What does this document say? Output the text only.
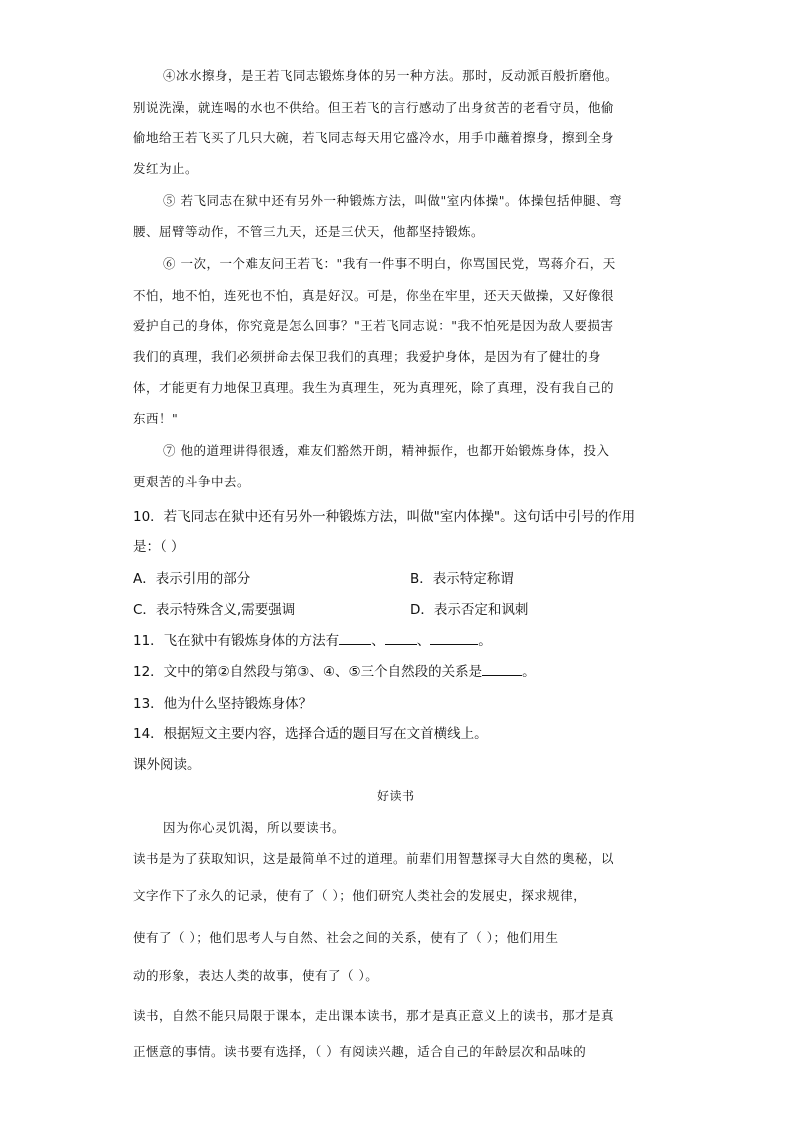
④冰水擦身，是王若飞同志锻炼身体的另一种方法。那时，反动派百般折磨他。
别说洗澡，就连喝的水也不供给。但王若飞的言行感动了出身贫苦的老看守员，他偷
偷地给王若飞买了几只大碗，若飞同志每天用它盛冷水，用手巾蘸着擦身，擦到全身
发红为止。
⑤ 若飞同志在狱中还有另外一种锻炼方法，叫做"室内体操"。体操包括伸腿、弯
腰、屈臂等动作，不管三九天，还是三伏天，他都坚持锻炼。
⑥ 一次，一个难友问王若飞："我有一件事不明白，你骂国民党，骂蒋介石，天
不怕，地不怕，连死也不怕，真是好汉。可是，你坐在牢里，还天天做操，又好像很
爱护自己的身体，你究竟是怎么回事？"王若飞同志说："我不怕死是因为敌人要损害
我们的真理，我们必须拼命去保卫我们的真理；我爱护身体，是因为有了健壮的身
体，才能更有力地保卫真理。我生为真理生，死为真理死，除了真理，没有我自己的
东西！"
⑦ 他的道理讲得很透，难友们豁然开朗，精神振作，也都开始锻炼身体，投入
更艰苦的斗争中去。
10．若飞同志在狱中还有另外一种锻炼方法，叫做"室内体操"。这句话中引号的作用
是：（ ）
A．表示引用的部分	B．表示特定称谓
C．表示特殊含义,需要强调	D．表示否定和讽刺
11．飞在狱中有锻炼身体的方法有 、 、	。
12．文中的第②自然段与第③、④、⑤三个自然段的关系是	。
13．他为什么坚持锻炼身体？
14．根据短文主要内容，选择合适的题目写在文首横线上。
课外阅读。
好读书
因为你心灵饥渴，所以要读书。
读书是为了获取知识，这是最简单不过的道理。前辈们用智慧探寻大自然的奥秘，以
文字作下了永久的记录，使有了（ ）；他们研究人类社会的发展史，探求规律，
使有了（ ）；他们思考人与自然、社会之间的关系，使有了（ ）；他们用生
动的形象，表达人类的故事，使有了（ ）。
读书，自然不能只局限于课本，走出课本读书，那才是真正意义上的读书，那才是真
正惬意的事情。读书要有选择，（ ）有阅读兴趣，适合自己的年龄层次和品味的
